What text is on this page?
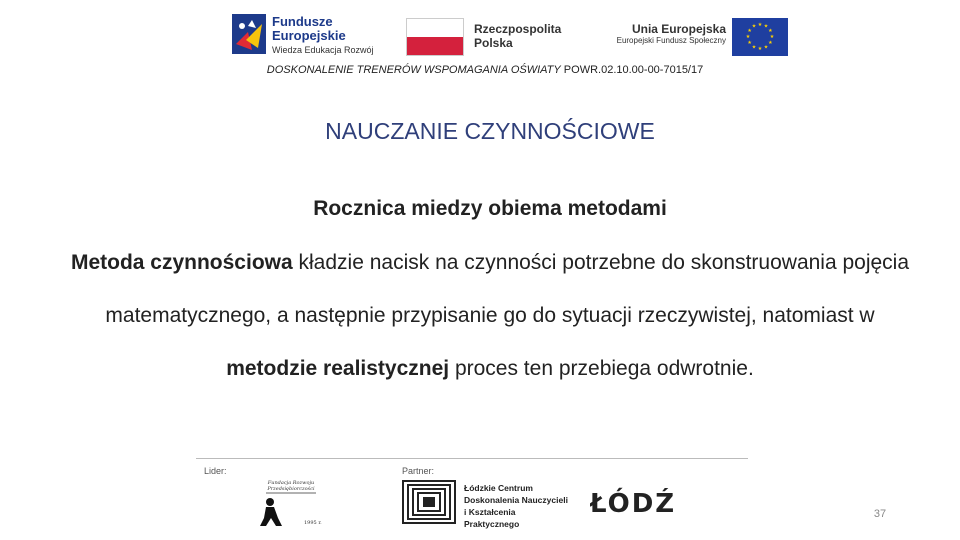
Fundusze
Europejskie
Wiedza Edukacja Rozwój
Rzeczpospolita
Polska
Unia Europejska
Europejski Fundusz Społeczny
★ ★
★
★
★
★
★
★
★
★
★
★
DOSKONALENIE TRENERÓW WSPOMAGANIA OŚWIATY POWR.02.10.00-00-7015/17
NAUCZANIE CZYNNOŚCIOWE
Rocznica miedzy obiema metodami
Metoda czynnościowa kładzie nacisk na czynności potrzebne do skonstruowania pojęcia matematycznego, a następnie przypisanie go do sytuacji rzeczywistej, natomiast w metodzie realistycznej proces ten przebiega odwrotnie.
Lider:	Partner:
Fundacja Rozwoju
Przedsiębiorczości
1995 r.
Łódzkie Centrum
Doskonalenia Nauczycieli
i Kształcenia Praktycznego
ŁÓDŹ	37
